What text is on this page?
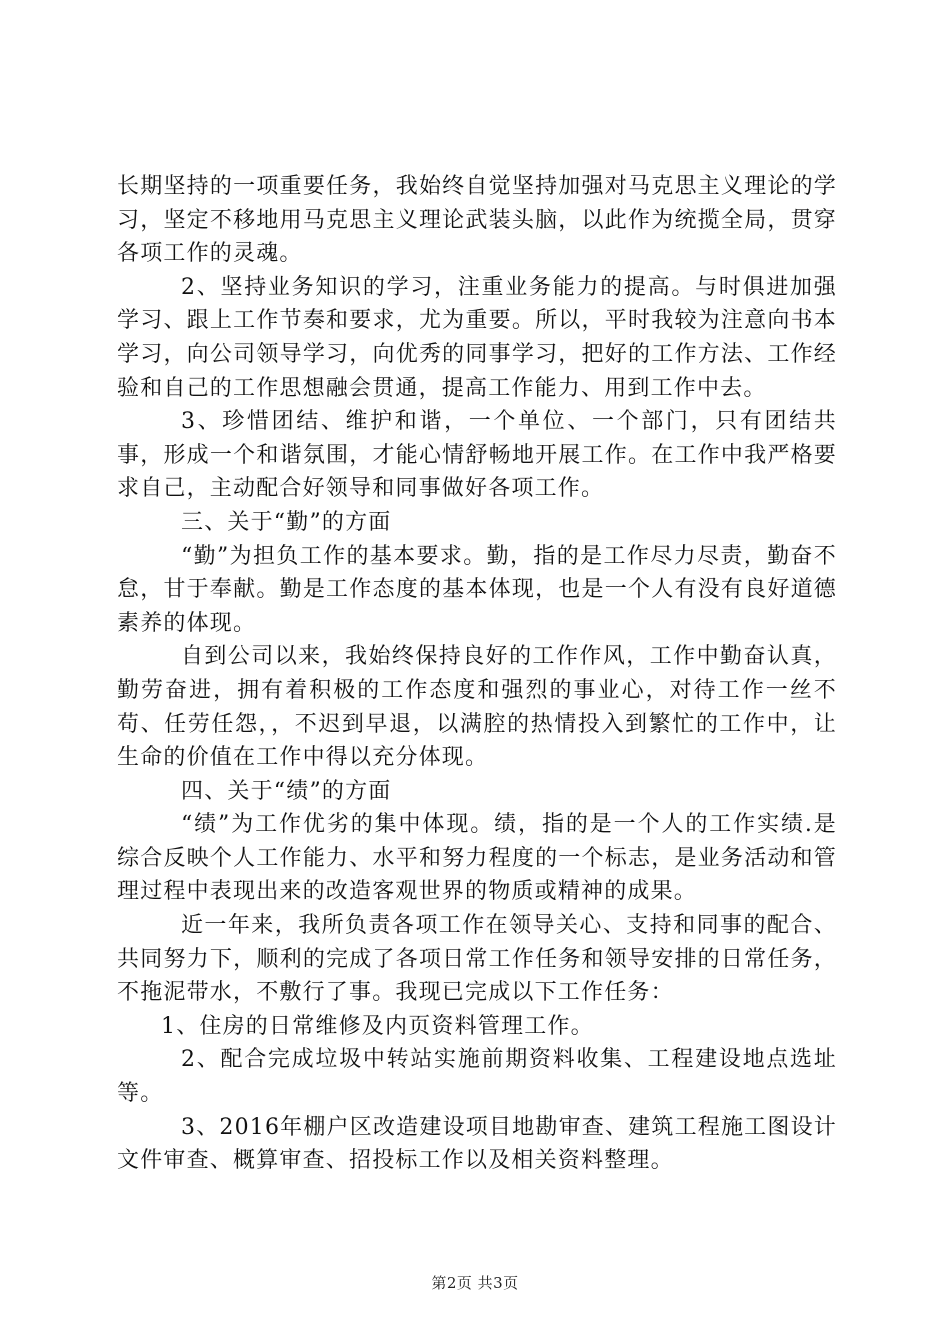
长期坚持的一项重要任务，我始终自觉坚持加强对马克思主义理论的学习，坚定不移地用马克思主义理论武装头脑，以此作为统揽全局，贯穿各项工作的灵魂。

2、坚持业务知识的学习，注重业务能力的提高。与时俱进加强学习、跟上工作节奏和要求，尤为重要。所以，平时我较为注意向书本学习，向公司领导学习，向优秀的同事学习，把好的工作方法、工作经验和自己的工作思想融会贯通，提高工作能力、用到工作中去。

3、珍惜团结、维护和谐，一个单位、一个部门，只有团结共事，形成一个和谐氛围，才能心情舒畅地开展工作。在工作中我严格要求自己，主动配合好领导和同事做好各项工作。

三、关于“勤”的方面

“勤”为担负工作的基本要求。勤，指的是工作尽力尽责，勤奋不怠，甘于奉献。勤是工作态度的基本体现，也是一个人有没有良好道德素养的体现。

自到公司以来，我始终保持良好的工作作风，工作中勤奋认真，勤劳奋进，拥有着积极的工作态度和强烈的事业心，对待工作一丝不苟、任劳任怨，，不迟到早退，以满腔的热情投入到繁忙的工作中，让生命的价值在工作中得以充分体现。

四、关于“绩”的方面

“绩”为工作优劣的集中体现。绩，指的是一个人的工作实绩.是综合反映个人工作能力、水平和努力程度的一个标志，是业务活动和管理过程中表现出来的改造客观世界的物质或精神的成果。

近一年来，我所负责各项工作在领导关心、支持和同事的配合、共同努力下，顺利的完成了各项日常工作任务和领导安排的日常任务，不拖泥带水，不敷行了事。我现已完成以下工作任务：

1、住房的日常维修及内页资料管理工作。

2、配合完成垃圾中转站实施前期资料收集、工程建设地点选址等。

3、2016年棚户区改造建设项目地勘审查、建筑工程施工图设计文件审查、概算审查、招投标工作以及相关资料整理。

第2页 共3页
